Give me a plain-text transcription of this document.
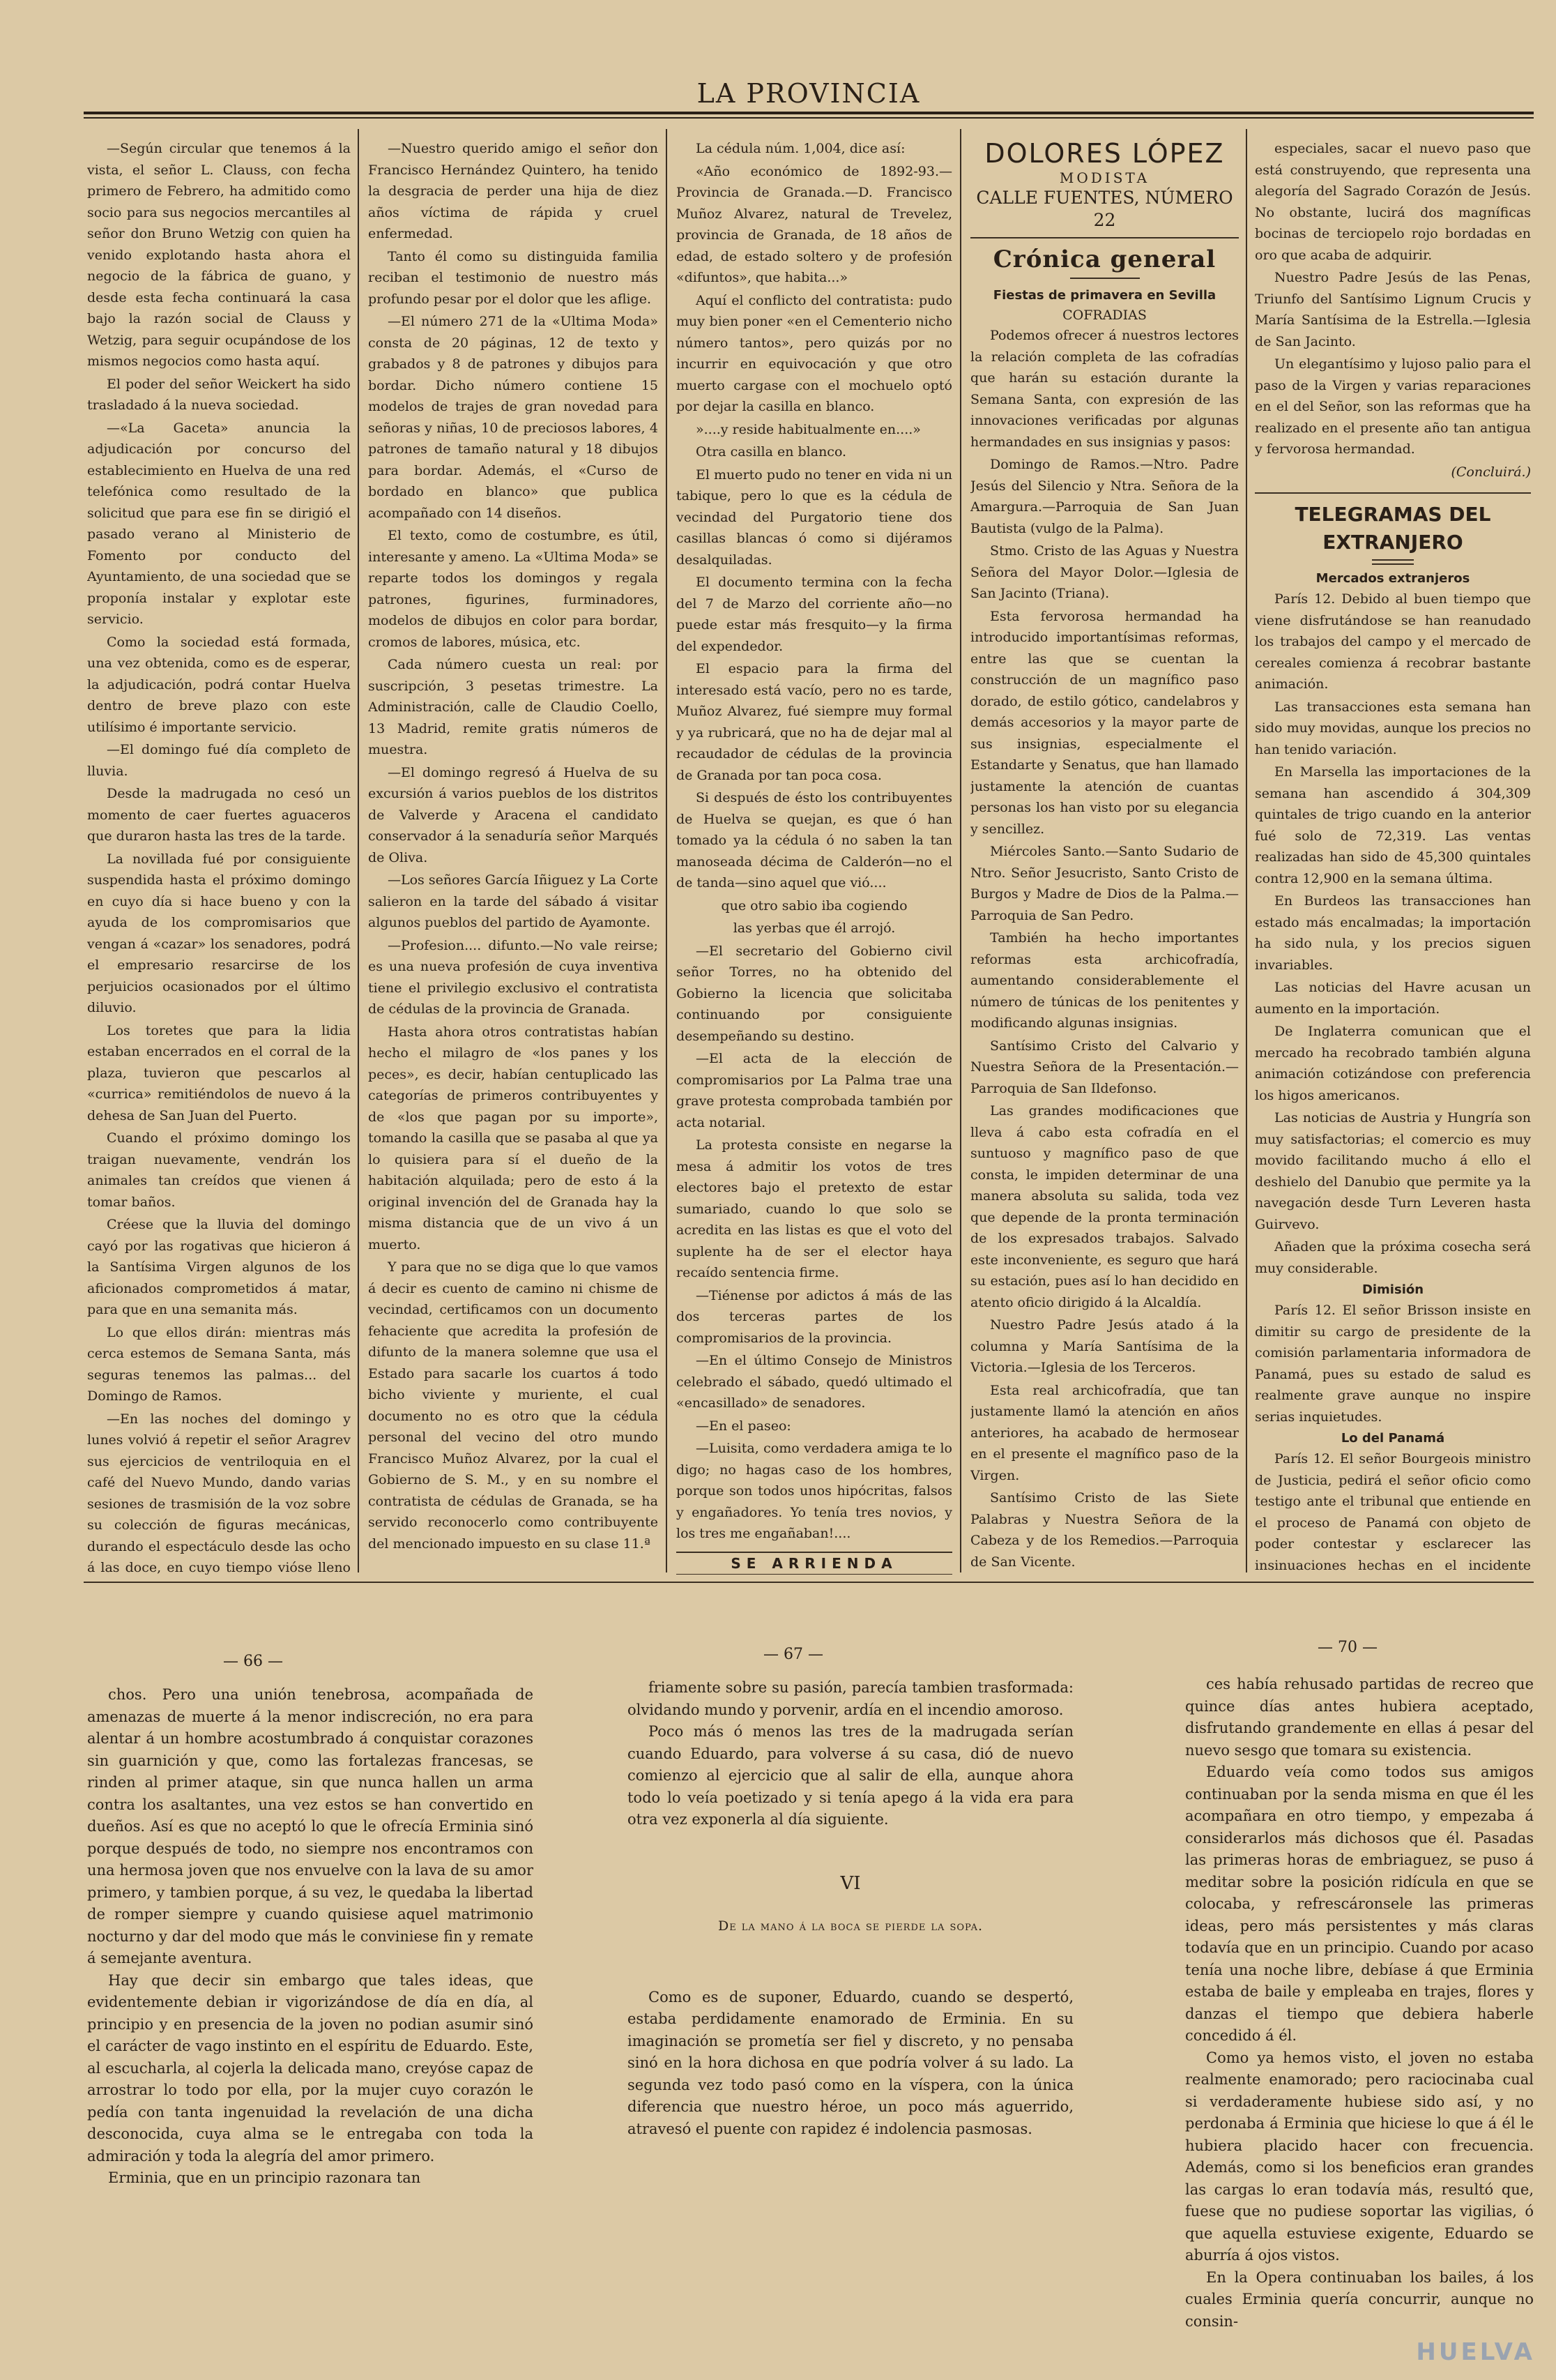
LA PROVINCIA

—Según circular que tenemos á la vista, el señor L. Clauss, con fecha primero de Febrero, ha admitido como socio para sus negocios mercantiles al señor don Bruno Wetzig con quien ha venido explotando hasta ahora el negocio de la fábrica de guano, y desde esta fecha continuará la casa bajo la razón social de Clauss y Wetzig, para seguir ocupándose de los mismos negocios como hasta aquí.

El poder del señor Weickert ha sido trasladado á la nueva sociedad.

—«La Gaceta» anuncia la adjudicación por concurso del establecimiento en Huelva de una red telefónica como resultado de la solicitud que para ese fin se dirigió el pasado verano al Ministerio de Fomento por conducto del Ayuntamiento, de una sociedad que se proponía instalar y explotar este servicio.

Como la sociedad está formada, una vez obtenida, como es de esperar, la adjudicación, podrá contar Huelva dentro de breve plazo con este utilísimo é importante servicio.

—El domingo fué día completo de lluvia.

Desde la madrugada no cesó un momento de caer fuertes aguaceros que duraron hasta las tres de la tarde.

La novillada fué por consiguiente suspendida hasta el próximo domingo en cuyo día si hace bueno y con la ayuda de los compromisarios que vengan á «cazar» los senadores, podrá el empresario resarcirse de los perjuicios ocasionados por el último diluvio.

Los toretes que para la lidia estaban encerrados en el corral de la plaza, tuvieron que pescarlos al «currica» remitiéndolos de nuevo á la dehesa de San Juan del Puerto.

Cuando el próximo domingo los traigan nuevamente, vendrán los animales tan creídos que vienen á tomar baños.

Créese que la lluvia del domingo cayó por las rogativas que hicieron á la Santísima Virgen algunos de los aficionados comprometidos á matar, para que en una semanita más.

Lo que ellos dirán: mientras más cerca estemos de Semana Santa, más seguras tenemos las palmas... del Domingo de Ramos.

—En las noches del domingo y lunes volvió á repetir el señor Aragrev sus ejercicios de ventriloquia en el café del Nuevo Mundo, dando varias sesiones de trasmisión de la voz sobre su colección de figuras mecánicas, durando el espectáculo desde las ocho á las doce, en cuyo tiempo vióse lleno

—Nuestro querido amigo el señor don Francisco Hernández Quintero, ha tenido la desgracia de perder una hija de diez años víctima de rápida y cruel enfermedad.

Tanto él como su distinguida familia reciban el testimonio de nuestro más profundo pesar por el dolor que les aflige.

—El número 271 de la «Ultima Moda» consta de 20 páginas, 12 de texto y grabados y 8 de patrones y dibujos para bordar. Dicho número contiene 15 modelos de trajes de gran novedad para señoras y niñas, 10 de preciosos labores, 4 patrones de tamaño natural y 18 dibujos para bordar. Además, el «Curso de bordado en blanco» que publica acompañado con 14 diseños.

El texto, como de costumbre, es útil, interesante y ameno. La «Ultima Moda» se reparte todos los domingos y regala patrones, figurines, furminadores, modelos de dibujos en color para bordar, cromos de labores, música, etc.

Cada número cuesta un real: por suscripción, 3 pesetas trimestre. La Administración, calle de Claudio Coello, 13 Madrid, remite gratis números de muestra.

—El domingo regresó á Huelva de su excursión á varios pueblos de los distritos de Valverde y Aracena el candidato conservador á la senaduría señor Marqués de Oliva.

—Los señores García Iñiguez y La Corte salieron en la tarde del sábado á visitar algunos pueblos del partido de Ayamonte.

—Profesion.... difunto.—No vale reirse; es una nueva profesión de cuya inventiva tiene el privilegio exclusivo el contratista de cédulas de la provincia de Granada.

Hasta ahora otros contratistas habían hecho el milagro de «los panes y los peces», es decir, habían centuplicado las categorías de primeros contribuyentes y de «los que pagan por su importe», tomando la casilla que se pasaba al que ya lo quisiera para sí el dueño de la habitación alquilada; pero de esto á la original invención del de Granada hay la misma distancia que de un vivo á un muerto.

Y para que no se diga que lo que vamos á decir es cuento de camino ni chisme de vecindad, certificamos con un documento fehaciente que acredita la profesión de difunto de la manera solemne que usa el Estado para sacarle los cuartos á todo bicho viviente y muriente, el cual documento no es otro que la cédula personal del vecino del otro mundo Francisco Muñoz Alvarez, por la cual el Gobierno de S. M., y en su nombre el contratista de cédulas de Granada, se ha servido reconocerlo como contribuyente del mencionado impuesto en su clase 11.ª

La cédula núm. 1,004, dice así:

«Año económico de 1892-93.—Provincia de Granada.—D. Francisco Muñoz Alvarez, natural de Trevelez, provincia de Granada, de 18 años de edad, de estado soltero y de profesión «difuntos», que habita...»

Aquí el conflicto del contratista: pudo muy bien poner «en el Cementerio nicho número tantos», pero quizás por no incurrir en equivocación y que otro muerto cargase con el mochuelo optó por dejar la casilla en blanco.

»....y reside habitualmente en....»

Otra casilla en blanco.

El muerto pudo no tener en vida ni un tabique, pero lo que es la cédula de vecindad del Purgatorio tiene dos casillas blancas ó como si dijéramos desalquiladas.

El documento termina con la fecha del 7 de Marzo del corriente año—no puede estar más fresquito—y la firma del expendedor.

El espacio para la firma del interesado está vacío, pero no es tarde, Muñoz Alvarez, fué siempre muy formal y ya rubricará, que no ha de dejar mal al recaudador de cédulas de la provincia de Granada por tan poca cosa.

Si después de ésto los contribuyentes de Huelva se quejan, es que ó han tomado ya la cédula ó no saben la tan manoseada décima de Calderón—no el de tanda—sino aquel que vió....

que otro sabio iba cogiendo

las yerbas que él arrojó.

—El secretario del Gobierno civil señor Torres, no ha obtenido del Gobierno la licencia que solicitaba continuando por consiguiente desempeñando su destino.

—El acta de la elección de compromisarios por La Palma trae una grave protesta comprobada también por acta notarial.

La protesta consiste en negarse la mesa á admitir los votos de tres electores bajo el pretexto de estar sumariado, cuando lo que solo se acredita en las listas es que el voto del suplente ha de ser el elector haya recaído sentencia firme.

—Tiénense por adictos á más de las dos terceras partes de los compromisarios de la provincia.

—En el último Consejo de Ministros celebrado el sábado, quedó ultimado el «encasillado» de senadores.

—En el paseo:

—Luisita, como verdadera amiga te lo digo; no hagas caso de los hombres, porque son todos unos hipócritas, falsos y engañadores. Yo tenía tres novios, y los tres me engañaban!....

SE ARRIENDA

DOLORES LÓPEZ
MODISTA
CALLE FUENTES, NÚMERO 22
Crónica general
Fiestas de primavera en Sevilla
COFRADIAS

Podemos ofrecer á nuestros lectores la relación completa de las cofradías que harán su estación durante la Semana Santa, con expresión de las innovaciones verificadas por algunas hermandades en sus insignias y pasos:

Domingo de Ramos.—Ntro. Padre Jesús del Silencio y Ntra. Señora de la Amargura.—Parroquia de San Juan Bautista (vulgo de la Palma).

Stmo. Cristo de las Aguas y Nuestra Señora del Mayor Dolor.—Iglesia de San Jacinto (Triana).

Esta fervorosa hermandad ha introducido importantísimas reformas, entre las que se cuentan la construcción de un magnífico paso dorado, de estilo gótico, candelabros y demás accesorios y la mayor parte de sus insignias, especialmente el Estandarte y Senatus, que han llamado justamente la atención de cuantas personas los han visto por su elegancia y sencillez.

Miércoles Santo.—Santo Sudario de Ntro. Señor Jesucristo, Santo Cristo de Burgos y Madre de Dios de la Palma.—Parroquia de San Pedro.

También ha hecho importantes reformas esta archicofradía, aumentando considerablemente el número de túnicas de los penitentes y modificando algunas insignias.

Santísimo Cristo del Calvario y Nuestra Señora de la Presentación.—Parroquia de San Ildefonso.

Las grandes modificaciones que lleva á cabo esta cofradía en el suntuoso y magnífico paso de que consta, le impiden determinar de una manera absoluta su salida, toda vez que depende de la pronta terminación de los expresados trabajos. Salvado este inconveniente, es seguro que hará su estación, pues así lo han decidido en atento oficio dirigido á la Alcaldía.

Nuestro Padre Jesús atado á la columna y María Santísima de la Victoria.—Iglesia de los Terceros.

Esta real archicofradía, que tan justamente llamó la atención en años anteriores, ha acabado de hermosear en el presente el magnífico paso de la Virgen.

Santísimo Cristo de las Siete Palabras y Nuestra Señora de la Cabeza y de los Remedios.—Parroquia de San Vicente.

especiales, sacar el nuevo paso que está construyendo, que representa una alegoría del Sagrado Corazón de Jesús. No obstante, lucirá dos magníficas bocinas de terciopelo rojo bordadas en oro que acaba de adquirir.

Nuestro Padre Jesús de las Penas, Triunfo del Santísimo Lignum Crucis y María Santísima de la Estrella.—Iglesia de San Jacinto.

Un elegantísimo y lujoso palio para el paso de la Virgen y varias reparaciones en el del Señor, son las reformas que ha realizado en el presente año tan antigua y fervorosa hermandad.

(Concluirá.)

TELEGRAMAS DEL EXTRANJERO
Mercados extranjeros

París 12. Debido al buen tiempo que viene disfrutándose se han reanudado los trabajos del campo y el mercado de cereales comienza á recobrar bastante animación.

Las transacciones esta semana han sido muy movidas, aunque los precios no han tenido variación.

En Marsella las importaciones de la semana han ascendido á 304,309 quintales de trigo cuando en la anterior fué solo de 72,319. Las ventas realizadas han sido de 45,300 quintales contra 12,900 en la semana última.

En Burdeos las transacciones han estado más encalmadas; la importación ha sido nula, y los precios siguen invariables.

Las noticias del Havre acusan un aumento en la importación.

De Inglaterra comunican que el mercado ha recobrado también alguna animación cotizándose con preferencia los higos americanos.

Las noticias de Austria y Hungría son muy satisfactorias; el comercio es muy movido facilitando mucho á ello el deshielo del Danubio que permite ya la navegación desde Turn Leveren hasta Guirvevo.

Añaden que la próxima cosecha será muy considerable.

Dimisión

París 12. El señor Brisson insiste en dimitir su cargo de presidente de la comisión parlamentaria informadora de Panamá, pues su estado de salud es realmente grave aunque no inspire serias inquietudes.

Lo del Panamá

París 12. El señor Bourgeois ministro de Justicia, pedirá el señor oficio como testigo ante el tribunal que entiende en el proceso de Panamá con objeto de poder contestar y esclarecer las insinuaciones hechas en el incidente

— 66 —	— 67 —	— 70 —

chos. Pero una unión tenebrosa, acompañada de amenazas de muerte á la menor indiscreción, no era para alentar á un hombre acostumbrado á conquistar corazones sin guarnición y que, como las fortalezas francesas, se rinden al primer ataque, sin que nunca hallen un arma contra los asaltantes, una vez estos se han convertido en dueños. Así es que no aceptó lo que le ofrecía Erminia sinó porque después de todo, no siempre nos encontramos con una hermosa joven que nos envuelve con la lava de su amor primero, y tambien porque, á su vez, le quedaba la libertad de romper siempre y cuando quisiese aquel matrimonio nocturno y dar del modo que más le conviniese fin y remate á semejante aventura.

Hay que decir sin embargo que tales ideas, que evidentemente debian ir vigorizándose de día en día, al principio y en presencia de la joven no podian asumir sinó el carácter de vago instinto en el espíritu de Eduardo. Este, al escucharla, al cojerla la delicada mano, creyóse capaz de arrostrar lo todo por ella, por la mujer cuyo corazón le pedía con tanta ingenuidad la revelación de una dicha desconocida, cuya alma se le entregaba con toda la admiración y toda la alegría del amor primero.

Erminia, que en un principio razonara tan

friamente sobre su pasión, parecía tambien trasformada: olvidando mundo y porvenir, ardía en el incendio amoroso.

Poco más ó menos las tres de la madrugada serían cuando Eduardo, para volverse á su casa, dió de nuevo comienzo al ejercicio que al salir de ella, aunque ahora todo lo veía poetizado y si tenía apego á la vida era para otra vez exponerla al día siguiente.

VI
De la mano á la boca se pierde la sopa.

Como es de suponer, Eduardo, cuando se despertó, estaba perdidamente enamorado de Erminia. En su imaginación se prometía ser fiel y discreto, y no pensaba sinó en la hora dichosa en que podría volver á su lado. La segunda vez todo pasó como en la víspera, con la única diferencia que nuestro héroe, un poco más aguerrido, atravesó el puente con rapidez é indolencia pasmosas.

ces había rehusado partidas de recreo que quince días antes hubiera aceptado, disfrutando grandemente en ellas á pesar del nuevo sesgo que tomara su existencia.

Eduardo veía como todos sus amigos continuaban por la senda misma en que él les acompañara en otro tiempo, y empezaba á considerarlos más dichosos que él. Pasadas las primeras horas de embriaguez, se puso á meditar sobre la posición ridícula en que se colocaba, y refrescáronsele las primeras ideas, pero más persistentes y más claras todavía que en un principio. Cuando por acaso tenía una noche libre, debíase á que Erminia estaba de baile y empleaba en trajes, flores y danzas el tiempo que debiera haberle concedido á él.

Como ya hemos visto, el joven no estaba realmente enamorado; pero raciocinaba cual si verdaderamente hubiese sido así, y no perdonaba á Erminia que hiciese lo que á él le hubiera placido hacer con frecuencia. Además, como si los beneficios eran grandes las cargas lo eran todavía más, resultó que, fuese que no pudiese soportar las vigilias, ó que aquella estuviese exigente, Eduardo se aburría á ojos vistos.

En la Opera continuaban los bailes, á los cuales Erminia quería concurrir, aunque no consin-

HUELVA
